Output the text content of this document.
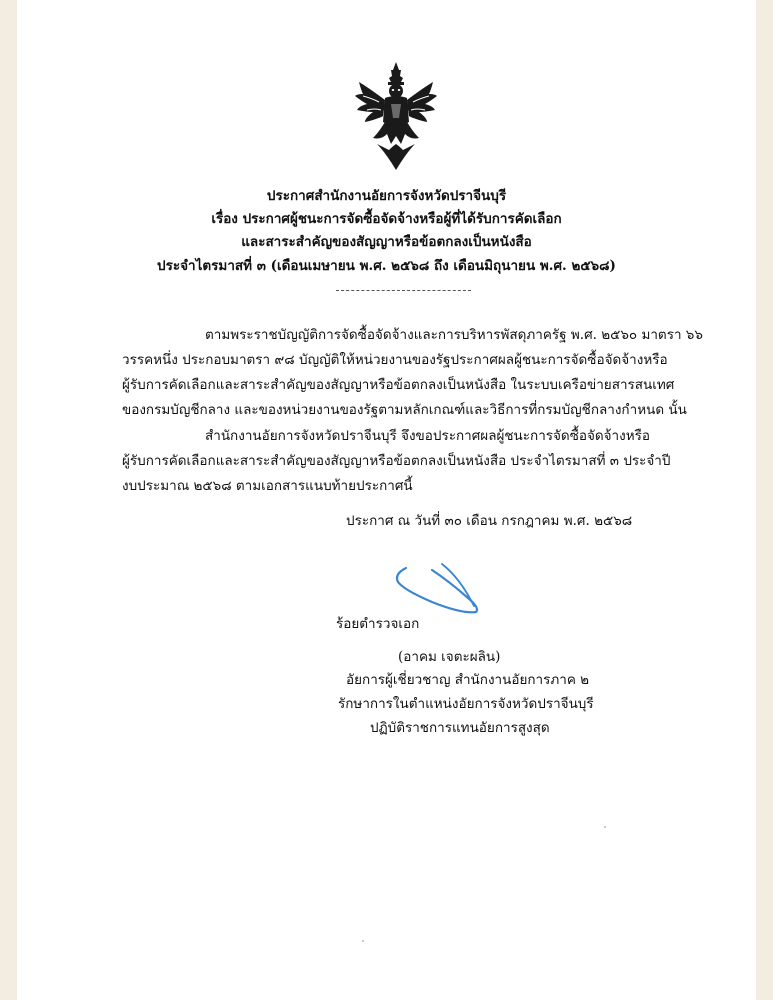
ประกาศสำนักงานอัยการจังหวัดปราจีนบุรี
เรื่อง ประกาศผู้ชนะการจัดซื้อจัดจ้างหรือผู้ที่ได้รับการคัดเลือก
และสาระสำคัญของสัญญาหรือข้อตกลงเป็นหนังสือ
ประจำไตรมาสที่ ๓ (เดือนเมษายน พ.ศ. ๒๕๖๘ ถึง เดือนมิถุนายน พ.ศ. ๒๕๖๘)
ตามพระราชบัญญัติการจัดซื้อจัดจ้างและการบริหารพัสดุภาครัฐ พ.ศ. ๒๕๖๐ มาตรา ๖๖
วรรคหนึ่ง ประกอบมาตรา ๙๘ บัญญัติให้หน่วยงานของรัฐประกาศผลผู้ชนะการจัดซื้อจัดจ้างหรือ
ผู้รับการคัดเลือกและสาระสำคัญของสัญญาหรือข้อตกลงเป็นหนังสือ ในระบบเครือข่ายสารสนเทศ
ของกรมบัญชีกลาง และของหน่วยงานของรัฐตามหลักเกณฑ์และวิธีการที่กรมบัญชีกลางกำหนด นั้น
สำนักงานอัยการจังหวัดปราจีนบุรี จึงขอประกาศผลผู้ชนะการจัดซื้อจัดจ้างหรือ
ผู้รับการคัดเลือกและสาระสำคัญของสัญญาหรือข้อตกลงเป็นหนังสือ ประจำไตรมาสที่ ๓ ประจำปี
งบประมาณ ๒๕๖๘ ตามเอกสารแนบท้ายประกาศนี้
ประกาศ ณ วันที่ ๓๐ เดือน กรกฎาคม พ.ศ. ๒๕๖๘
ร้อยตำรวจเอก
(อาคม เจตะผลิน)
อัยการผู้เชี่ยวชาญ สำนักงานอัยการภาค ๒
รักษาการในตำแหน่งอัยการจังหวัดปราจีนบุรี
ปฏิบัติราชการแทนอัยการสูงสุด
